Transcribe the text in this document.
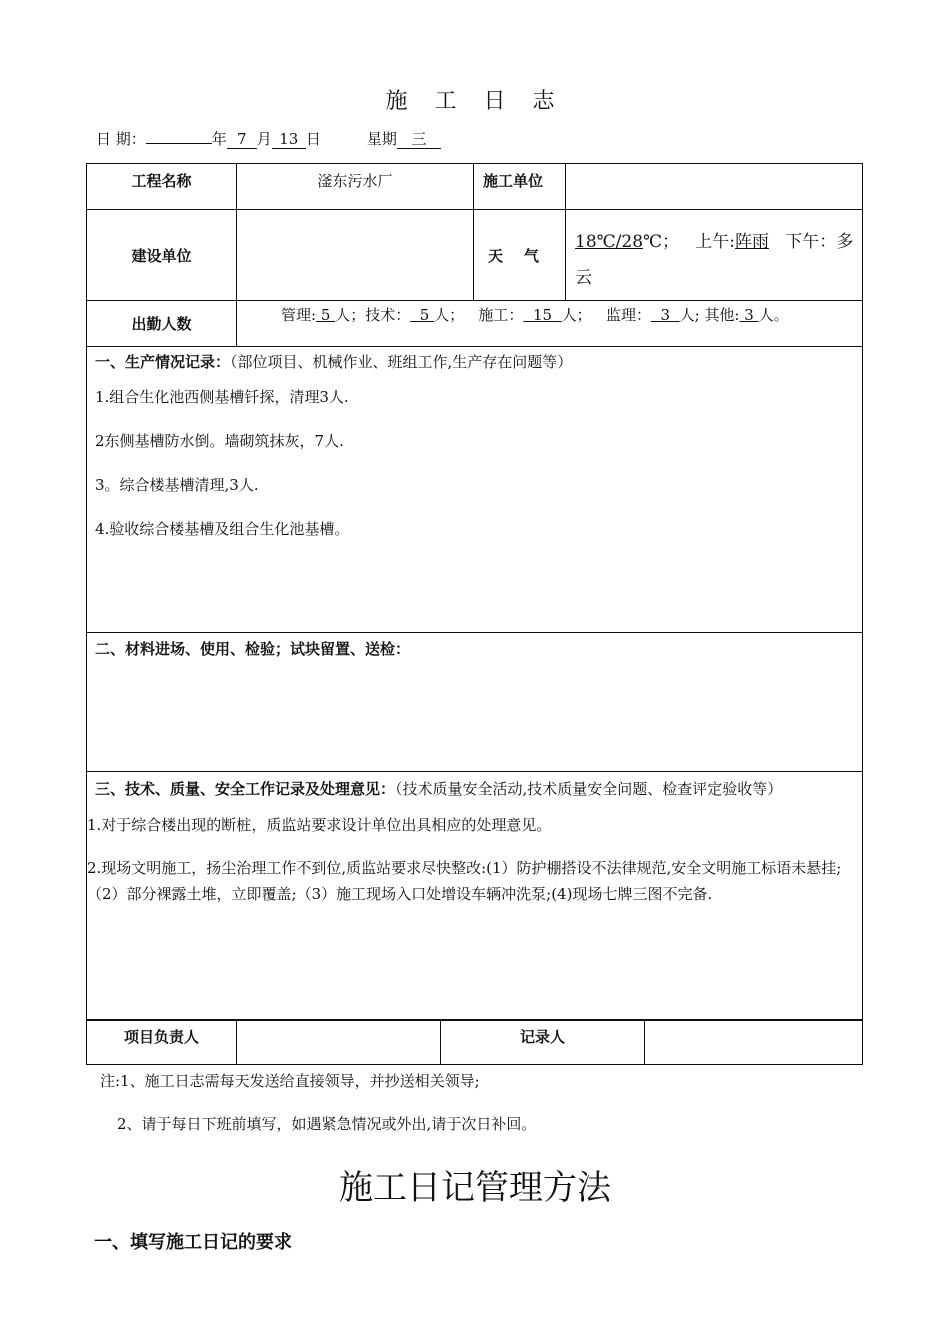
施 工 日 志
日 期：	年 7 月 13 日	星期 三
工程名称	滏东污水厂	施工单位	

建设单位		天    气	18℃/28℃； 上午:阵雨 下午：多云

出勤人数	管理: 5 人；技术： 5 人； 施工： 15 人； 监理： 3 人; 其他: 3 人。		

一、生产情况记录：（部位项目、机械作业、班组工作,生产存在问题等）

1.组合生化池西侧基槽钎探，清理3人.

2东侧基槽防水倒。墙砌筑抹灰，7人.

3。综合楼基槽清理,3人.

4.验收综合楼基槽及组合生化池基槽。			

二、材料进场、使用、检验；试块留置、送检：			

三、技术、质量、安全工作记录及处理意见：（技术质量安全活动,技术质量安全问题、检查评定验收等）

1.对于综合楼出现的断桩，质监站要求设计单位出具相应的处理意见。

2.现场文明施工，扬尘治理工作不到位,质监站要求尽快整改:(1）防护棚搭设不法律规范,安全文明施工标语未悬挂;（2）部分裸露土堆，立即覆盖;（3）施工现场入口处增设车辆冲洗泵;(4)现场七牌三图不完备.			

项目负责人		记录人

注:1、施工日志需每天发送给直接领导，并抄送相关领导;
2、请于每日下班前填写，如遇紧急情况或外出,请于次日补回。
施工日记管理方法
一、填写施工日记的要求
